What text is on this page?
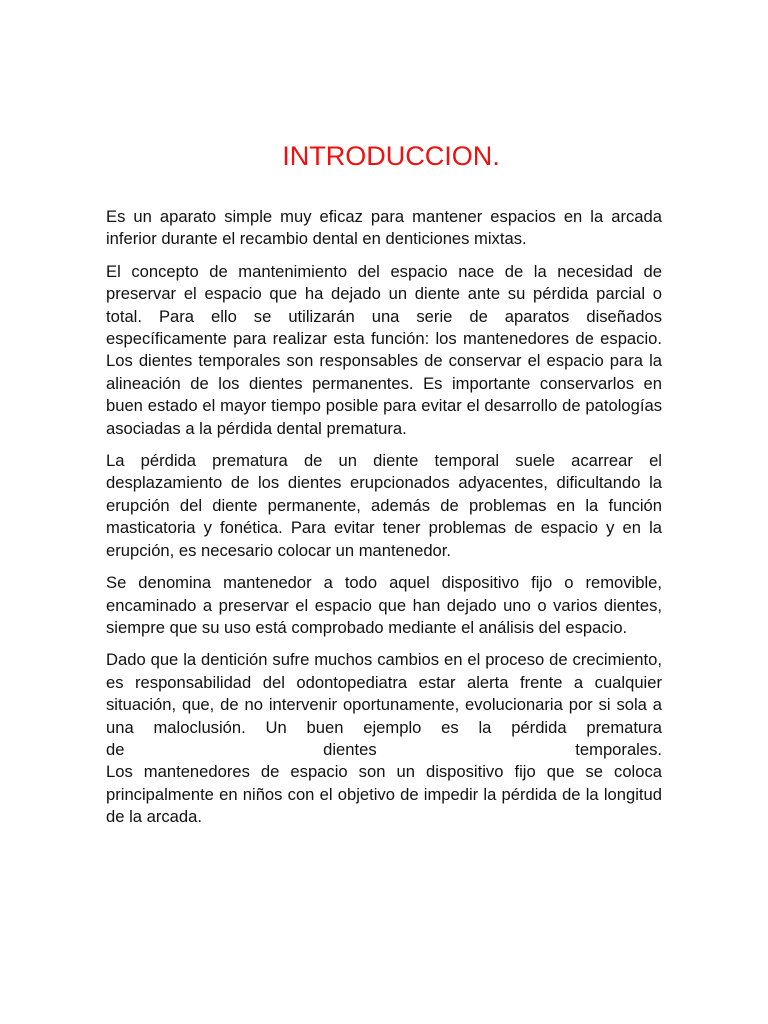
INTRODUCCION.

Es un aparato simple muy eficaz para mantener espacios en la arcada inferior durante el recambio dental en denticiones mixtas.

El concepto de mantenimiento del espacio nace de la necesidad de preservar el espacio que ha dejado un diente ante su pérdida parcial o total. Para ello se utilizarán una serie de aparatos diseñados específicamente para realizar esta función: los mantenedores de espacio. Los dientes temporales son responsables de conservar el espacio para la alineación de los dientes permanentes. Es importante conservarlos en buen estado el mayor tiempo posible para evitar el desarrollo de patologías asociadas a la pérdida dental prematura.

La pérdida prematura de un diente temporal suele acarrear el desplazamiento de los dientes erupcionados adyacentes, dificultando la erupción del diente permanente, además de problemas en la función masticatoria y fonética. Para evitar tener problemas de espacio y en la erupción, es necesario colocar un mantenedor.

Se denomina mantenedor a todo aquel dispositivo fijo o removible, encaminado a preservar el espacio que han dejado uno o varios dientes, siempre que su uso está comprobado mediante el análisis del espacio.

Dado que la dentición sufre muchos cambios en el proceso de crecimiento, es responsabilidad del odontopediatra estar alerta frente a cualquier situación, que, de no intervenir oportunamente, evolucionaria por si sola a una maloclusión. Un buen ejemplo es la pérdida prematura
de	dientes	temporales.
Los mantenedores de espacio son un dispositivo fijo que se coloca principalmente en niños con el objetivo de impedir la pérdida de la longitud de la arcada.
